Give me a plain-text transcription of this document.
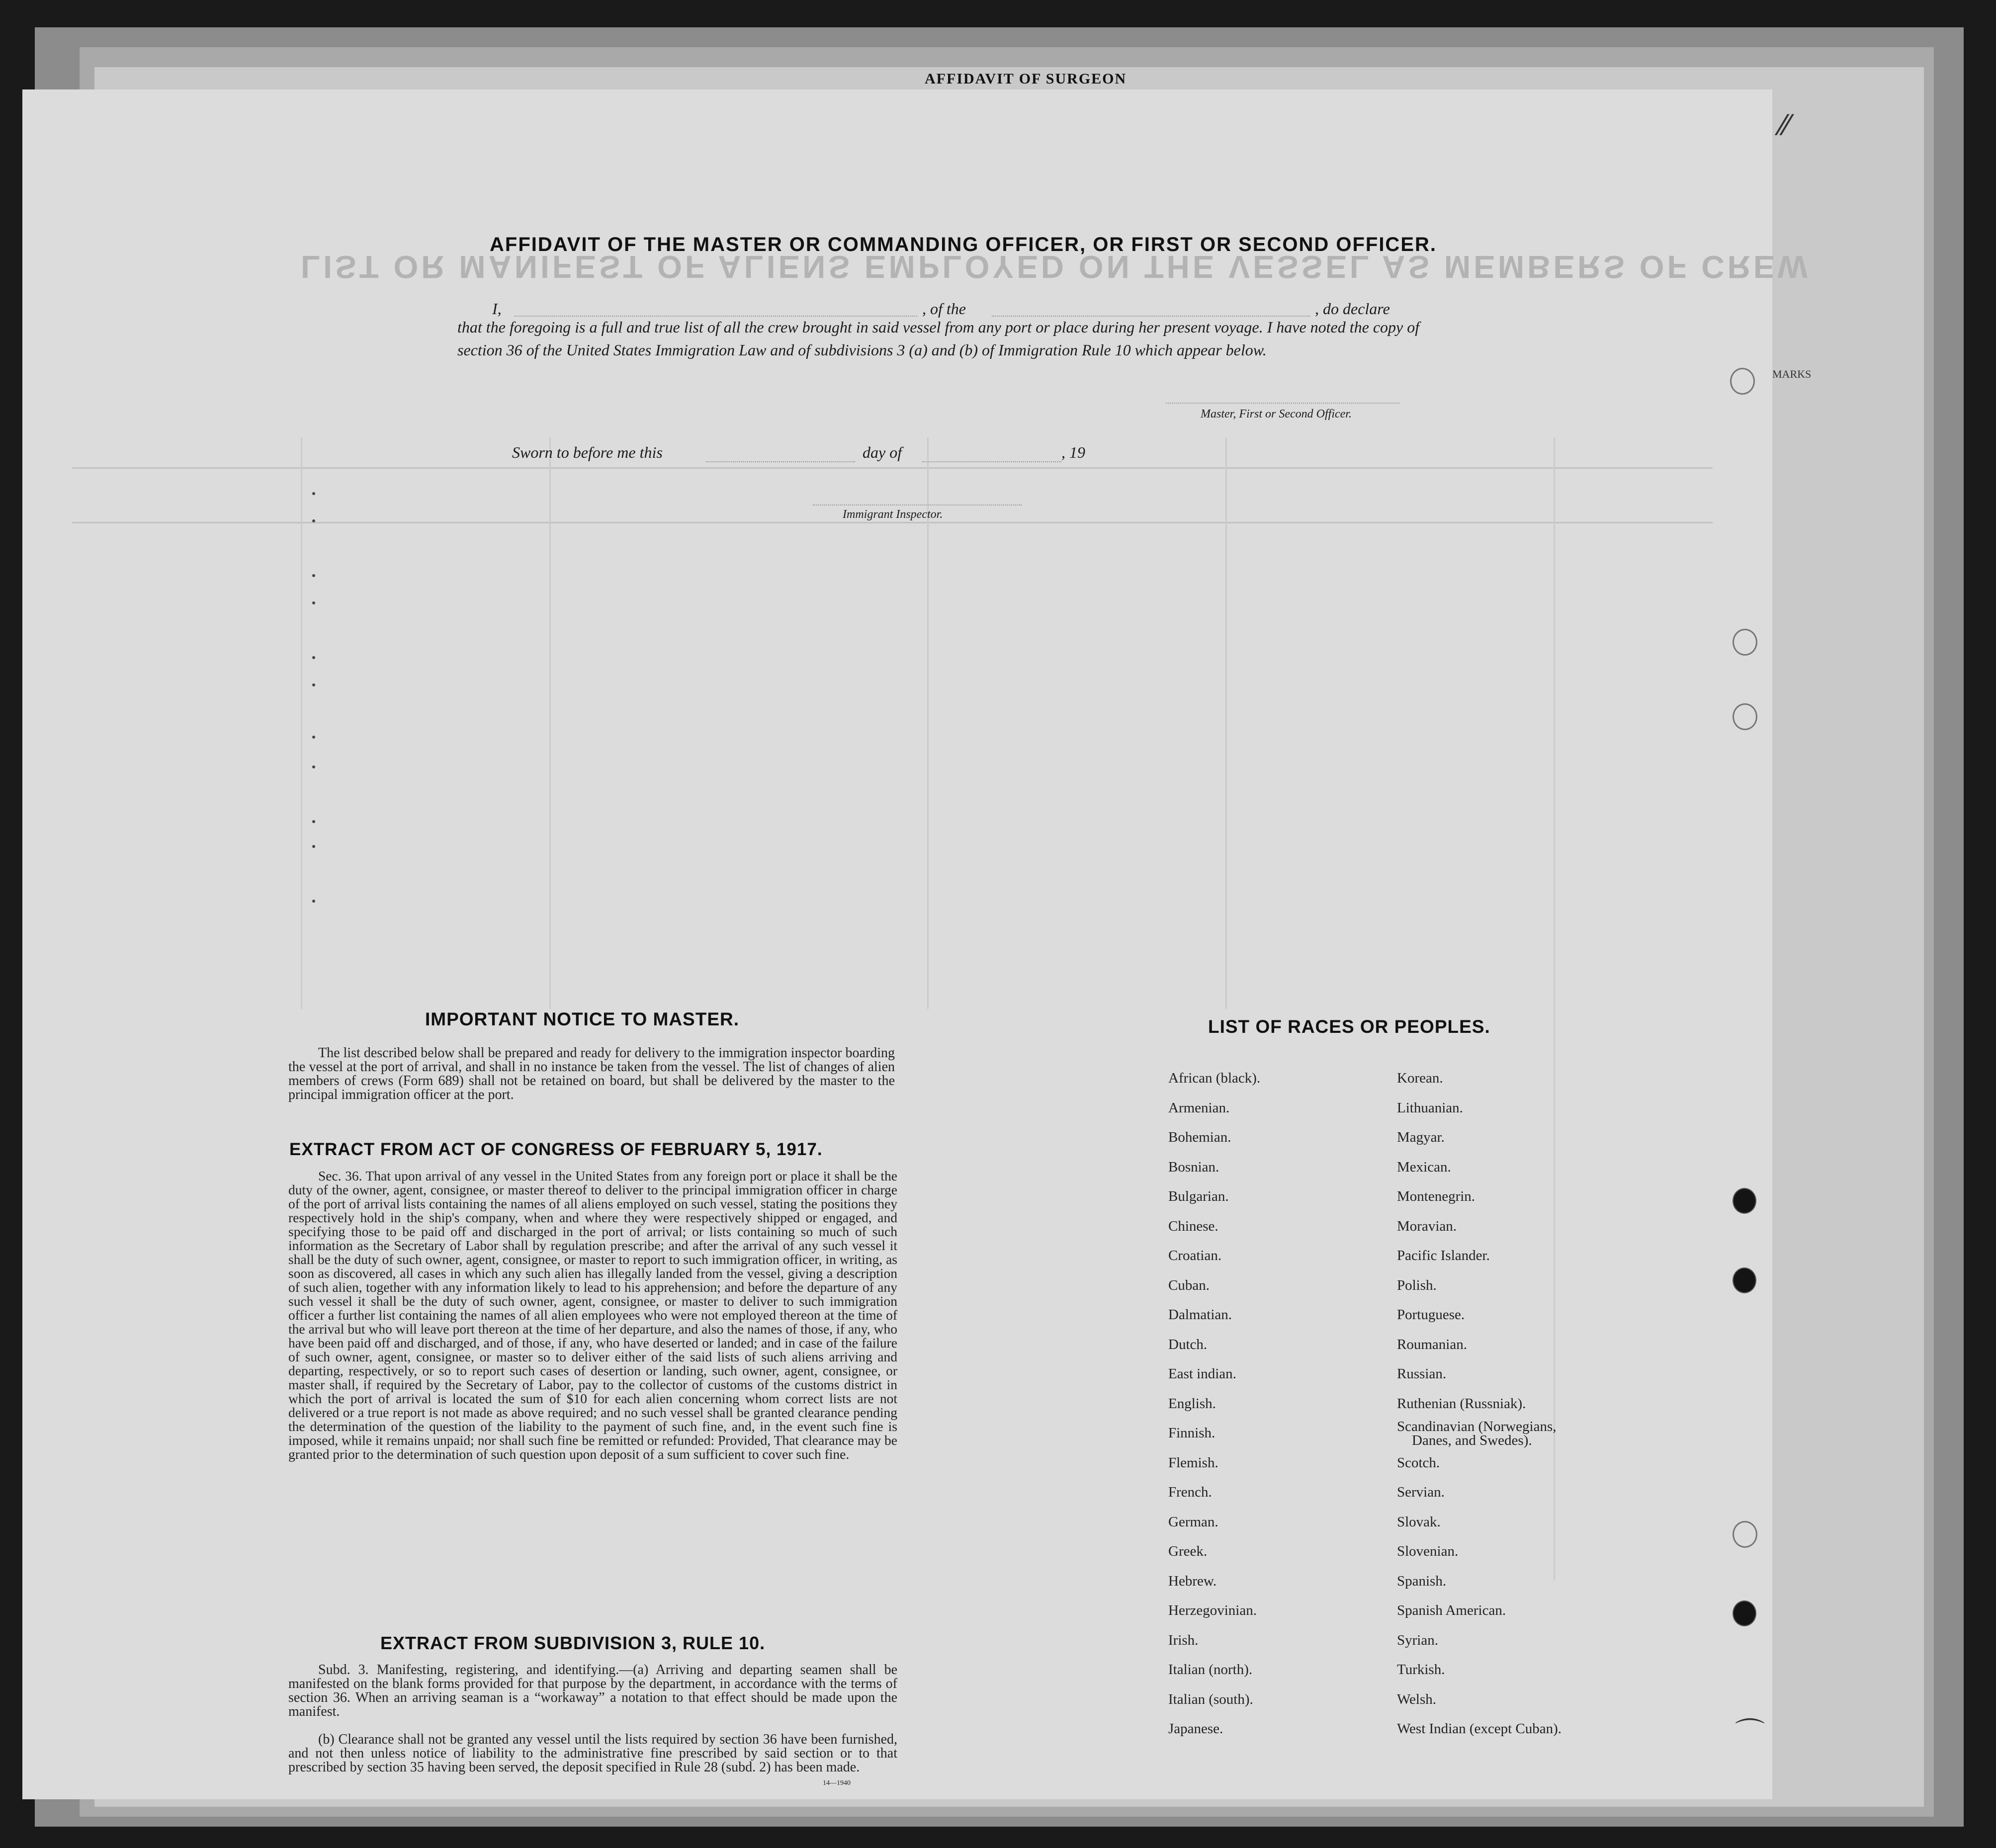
AFFIDAVIT OF SURGEON
LIST OR MANIFEST OF ALIENS EMPLOYED ON THE VESSEL AS MEMBERS OF CREW
MARKS
AFFIDAVIT OF THE MASTER OR COMMANDING OFFICER, OR FIRST OR SECOND OFFICER.
I,	, of the	, do declare
that the foregoing is a full and true list of all the crew brought in said vessel from any port or place during her present voyage. I have noted the copy of section 36 of the United States Immigration Law and of subdivisions 3 (a) and (b) of Immigration Rule 10 which appear below.
Master, First or Second Officer.
Sworn to before me this	day of	, 19
Immigrant Inspector.
IMPORTANT NOTICE TO MASTER.
The list described below shall be prepared and ready for delivery to the immigration inspector boarding the vessel at the port of arrival, and shall in no instance be taken from the vessel. The list of changes of alien members of crews (Form 689) shall not be retained on board, but shall be delivered by the master to the principal immigration officer at the port.
EXTRACT FROM ACT OF CONGRESS OF FEBRUARY 5, 1917.
Sec. 36. That upon arrival of any vessel in the United States from any foreign port or place it shall be the duty of the owner, agent, consignee, or master thereof to deliver to the principal immigration officer in charge of the port of arrival lists containing the names of all aliens employed on such vessel, stating the positions they respectively hold in the ship's company, when and where they were respectively shipped or engaged, and specifying those to be paid off and discharged in the port of arrival; or lists containing so much of such information as the Secretary of Labor shall by regulation prescribe; and after the arrival of any such vessel it shall be the duty of such owner, agent, consignee, or master to report to such immigration officer, in writing, as soon as discovered, all cases in which any such alien has illegally landed from the vessel, giving a description of such alien, together with any information likely to lead to his apprehension; and before the departure of any such vessel it shall be the duty of such owner, agent, consignee, or master to deliver to such immigration officer a further list containing the names of all alien employees who were not employed thereon at the time of the arrival but who will leave port thereon at the time of her departure, and also the names of those, if any, who have been paid off and discharged, and of those, if any, who have deserted or landed; and in case of the failure of such owner, agent, consignee, or master so to deliver either of the said lists of such aliens arriving and departing, respectively, or so to report such cases of desertion or landing, such owner, agent, consignee, or master shall, if required by the Secretary of Labor, pay to the collector of customs of the customs district in which the port of arrival is located the sum of $10 for each alien concerning whom correct lists are not delivered or a true report is not made as above required; and no such vessel shall be granted clearance pending the determination of the question of the liability to the payment of such fine, and, in the event such fine is imposed, while it remains unpaid; nor shall such fine be remitted or refunded: Provided, That clearance may be granted prior to the determination of such question upon deposit of a sum sufficient to cover such fine.
EXTRACT FROM SUBDIVISION 3, RULE 10.
Subd. 3. Manifesting, registering, and identifying.—(a) Arriving and departing seamen shall be manifested on the blank forms provided for that purpose by the department, in accordance with the terms of section 36. When an arriving seaman is a “workaway” a notation to that effect should be made upon the manifest.
(b) Clearance shall not be granted any vessel until the lists required by section 36 have been furnished, and not then unless notice of liability to the administrative fine prescribed by said section or to that prescribed by section 35 having been served, the deposit specified in Rule 28 (subd. 2) has been made.
14—1940
LIST OF RACES OR PEOPLES.
African (black).
Armenian.
Bohemian.
Bosnian.
Bulgarian.
Chinese.
Croatian.
Cuban.
Dalmatian.
Dutch.
East indian.
English.
Finnish.
Flemish.
French.
German.
Greek.
Hebrew.
Herzegovinian.
Irish.
Italian (north).
Italian (south).
Japanese.
Korean.
Lithuanian.
Magyar.
Mexican.
Montenegrin.
Moravian.
Pacific Islander.
Polish.
Portuguese.
Roumanian.
Russian.
Ruthenian (Russniak).
Scandinavian (Norwegians,
Danes, and Swedes).
Scotch.
Servian.
Slovak.
Slovenian.
Spanish.
Spanish American.
Syrian.
Turkish.
Welsh.
West Indian (except Cuban).
⁄⁄
⌒
